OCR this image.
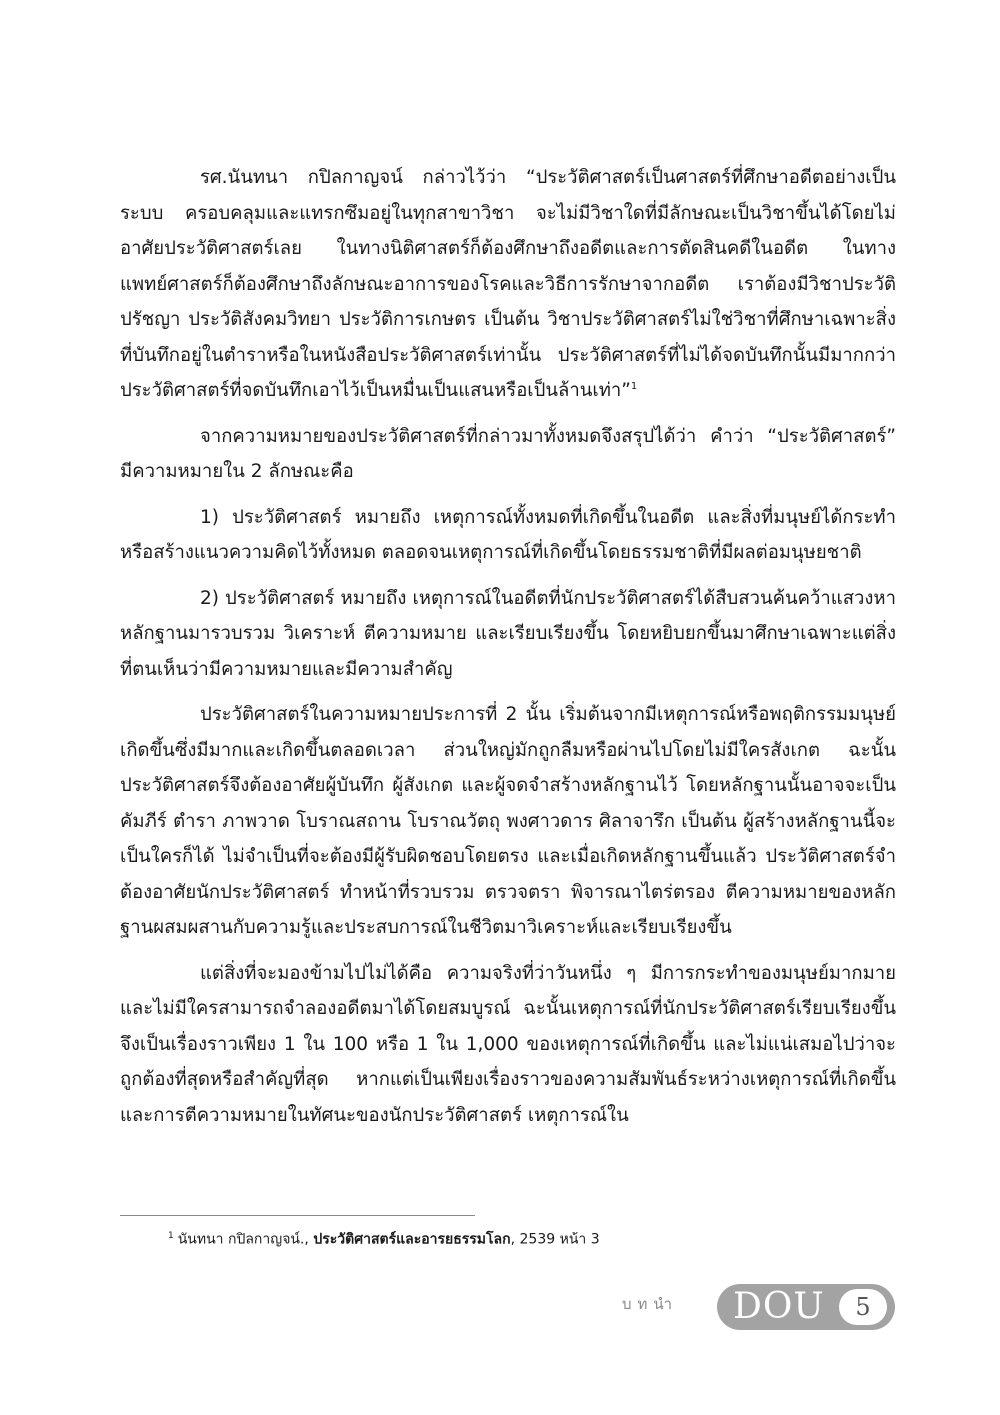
รศ.นันทนา กปิลกาญจน์ กล่าวไว้ว่า “ประวัติศาสตร์เป็นศาสตร์ที่ศึกษาอดีตอย่างเป็นระบบ ครอบคลุมและแทรกซึมอยู่ในทุกสาขาวิชา จะไม่มีวิชาใดที่มีลักษณะเป็นวิชาขึ้นได้โดยไม่อาศัยประวัติศาสตร์เลย ในทางนิติศาสตร์ก็ต้องศึกษาถึงอดีตและการตัดสินคดีในอดีต ในทางแพทย์ศาสตร์ก็ต้องศึกษาถึงลักษณะอาการของโรคและวิธีการรักษาจากอดีต เราต้องมีวิชาประวัติปรัชญา ประวัติสังคมวิทยา ประวัติการเกษตร เป็นต้น วิชาประวัติศาสตร์ไม่ใช่วิชาที่ศึกษาเฉพาะสิ่งที่บันทึกอยู่ในตำราหรือในหนังสือประวัติศาสตร์เท่านั้น ประวัติศาสตร์ที่ไม่ได้จดบันทึกนั้นมีมากกว่าประวัติศาสตร์ที่จดบันทึกเอาไว้เป็นหมื่นเป็นแสนหรือเป็นล้านเท่า”$^1$

จากความหมายของประวัติศาสตร์ที่กล่าวมาทั้งหมดจึงสรุปได้ว่า คำว่า “ประวัติศาสตร์” มีความหมายใน 2 ลักษณะคือ

1) ประวัติศาสตร์ หมายถึง เหตุการณ์ทั้งหมดที่เกิดขึ้นในอดีต และสิ่งที่มนุษย์ได้กระทำหรือสร้างแนวความคิดไว้ทั้งหมด ตลอดจนเหตุการณ์ที่เกิดขึ้นโดยธรรมชาติที่มีผลต่อมนุษยชาติ

2) ประวัติศาสตร์ หมายถึง เหตุการณ์ในอดีตที่นักประวัติศาสตร์ได้สืบสวนค้นคว้าแสวงหาหลักฐานมารวบรวม วิเคราะห์ ตีความหมาย และเรียบเรียงขึ้น โดยหยิบยกขึ้นมาศึกษาเฉพาะแต่สิ่งที่ตนเห็นว่ามีความหมายและมีความสำคัญ

ประวัติศาสตร์ในความหมายประการที่ 2 นั้น เริ่มต้นจากมีเหตุการณ์หรือพฤติกรรมมนุษย์เกิดขึ้นซึ่งมีมากและเกิดขึ้นตลอดเวลา ส่วนใหญ่มักถูกลืมหรือผ่านไปโดยไม่มีใครสังเกต ฉะนั้นประวัติศาสตร์จึงต้องอาศัยผู้บันทึก ผู้สังเกต และผู้จดจำสร้างหลักฐานไว้ โดยหลักฐานนั้นอาจจะเป็นคัมภีร์ ตำรา ภาพวาด โบราณสถาน โบราณวัตถุ พงศาวดาร ศิลาจารึก เป็นต้น ผู้สร้างหลักฐานนี้จะเป็นใครก็ได้ ไม่จำเป็นที่จะต้องมีผู้รับผิดชอบโดยตรง และเมื่อเกิดหลักฐานขึ้นแล้ว ประวัติศาสตร์จำต้องอาศัยนักประวัติศาสตร์ ทำหน้าที่รวบรวม ตรวจตรา พิจารณาไตร่ตรอง ตีความหมายของหลักฐานผสมผสานกับความรู้และประสบการณ์ในชีวิตมาวิเคราะห์และเรียบเรียงขึ้น

แต่สิ่งที่จะมองข้ามไปไม่ได้คือ ความจริงที่ว่าวันหนึ่ง ๆ มีการกระทำของมนุษย์มากมาย และไม่มีใครสามารถจำลองอดีตมาได้โดยสมบูรณ์ ฉะนั้นเหตุการณ์ที่นักประวัติศาสตร์เรียบเรียงขึ้นจึงเป็นเรื่องราวเพียง 1 ใน 100 หรือ 1 ใน 1,000 ของเหตุการณ์ที่เกิดขึ้น และไม่แน่เสมอไปว่าจะถูกต้องที่สุดหรือสำคัญที่สุด หากแต่เป็นเพียงเรื่องราวของความสัมพันธ์ระหว่างเหตุการณ์ที่เกิดขึ้นและการตีความหมายในทัศนะของนักประวัติศาสตร์ เหตุการณ์ใน

$^1$ นันทนา กปิลกาญจน์., ประวัติศาสตร์และอารยธรรมโลก, 2539 หน้า 3
บทนำ DOU	5
